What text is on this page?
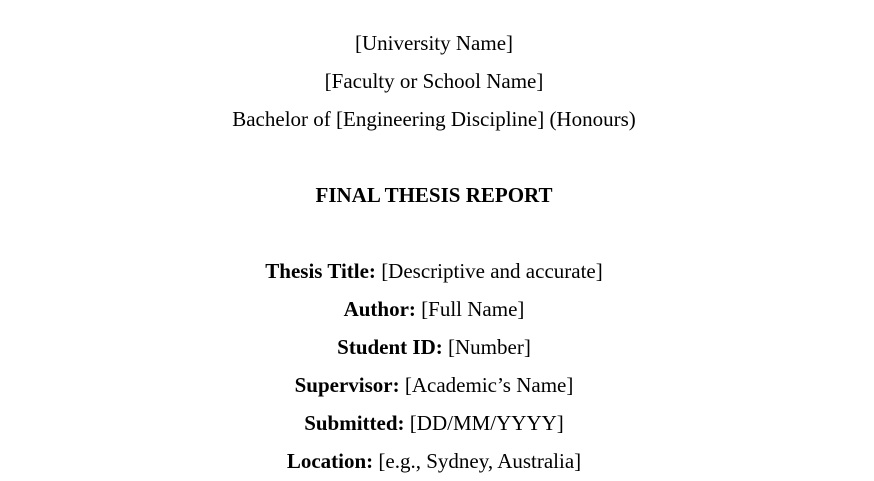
[University Name]
[Faculty or School Name]
Bachelor of [Engineering Discipline] (Honours)
FINAL THESIS REPORT
Thesis Title: [Descriptive and accurate]
Author: [Full Name]
Student ID: [Number]
Supervisor: [Academic’s Name]
Submitted: [DD/MM/YYYY]
Location: [e.g., Sydney, Australia]
